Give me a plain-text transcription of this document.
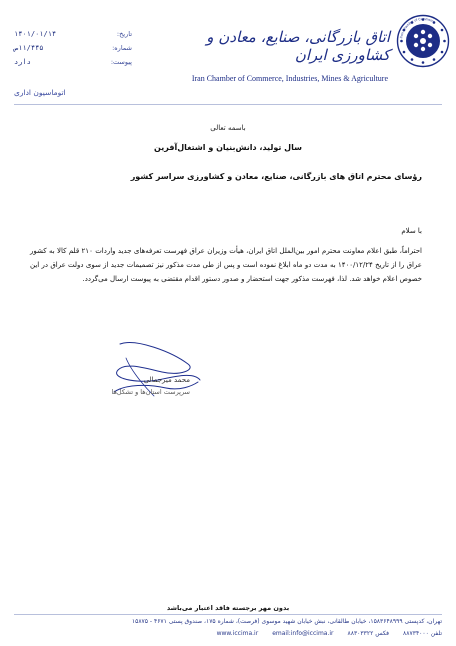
تاریخ:
۱۴۰۱/۰۱/۱۴
شماره:
۱۱/۴۴۵ص
پیوست:
دارد
اتوماسیون اداری
Iran Chamber of Commerce
اتاق بازرگانی، صنایع، معادن و کشاورزی ایران
Iran Chamber of Commerce, Industries, Mines & Agriculture
باسمه تعالی
سال تولید، دانش‌بنیان و اشتغال‌آفرین
رؤسای محترم اتاق های بازرگانی، صنایع، معادن و کشاورزی سراسر کشور
با سلام
احتراماً، طبق اعلام معاونت محترم امور بین‌الملل اتاق ایران، هیأت وزیران عراق فهرست تعرفه‌های جدید واردات ۲۱۰ قلم کالا به کشور عراق را از تاریخ ۱۴۰۰/۱۲/۲۴ به مدت دو ماه ابلاغ نموده است و پس از طی مدت مذکور نیز تصمیمات جدید از سوی دولت عراق در این خصوص اعلام خواهد شد. لذا، فهرست مذکور جهت استحضار و صدور دستور اقدام مقتضی به پیوست ارسال می‌گردد.
محمد میرجمالی
سرپرست استان‌ها و تشکل‌ها
بدون مهر برجسته فاقد اعتبار می‌باشد
تهران، کدپستی ۱۵۸۳۶۴۸۹۹۹، خیابان طالقانی، نبش خیابان شهید موسوی (فرصت)، شماره ۱۷۵، صندوق پستی ۴۶۷۱ - ۱۵۸۷۵
www.iccima.ir email:info@iccima.ir فکس ۸۸۳۰۳۳۲۲ تلفن ۸۸۷۳۴۰۰۰
